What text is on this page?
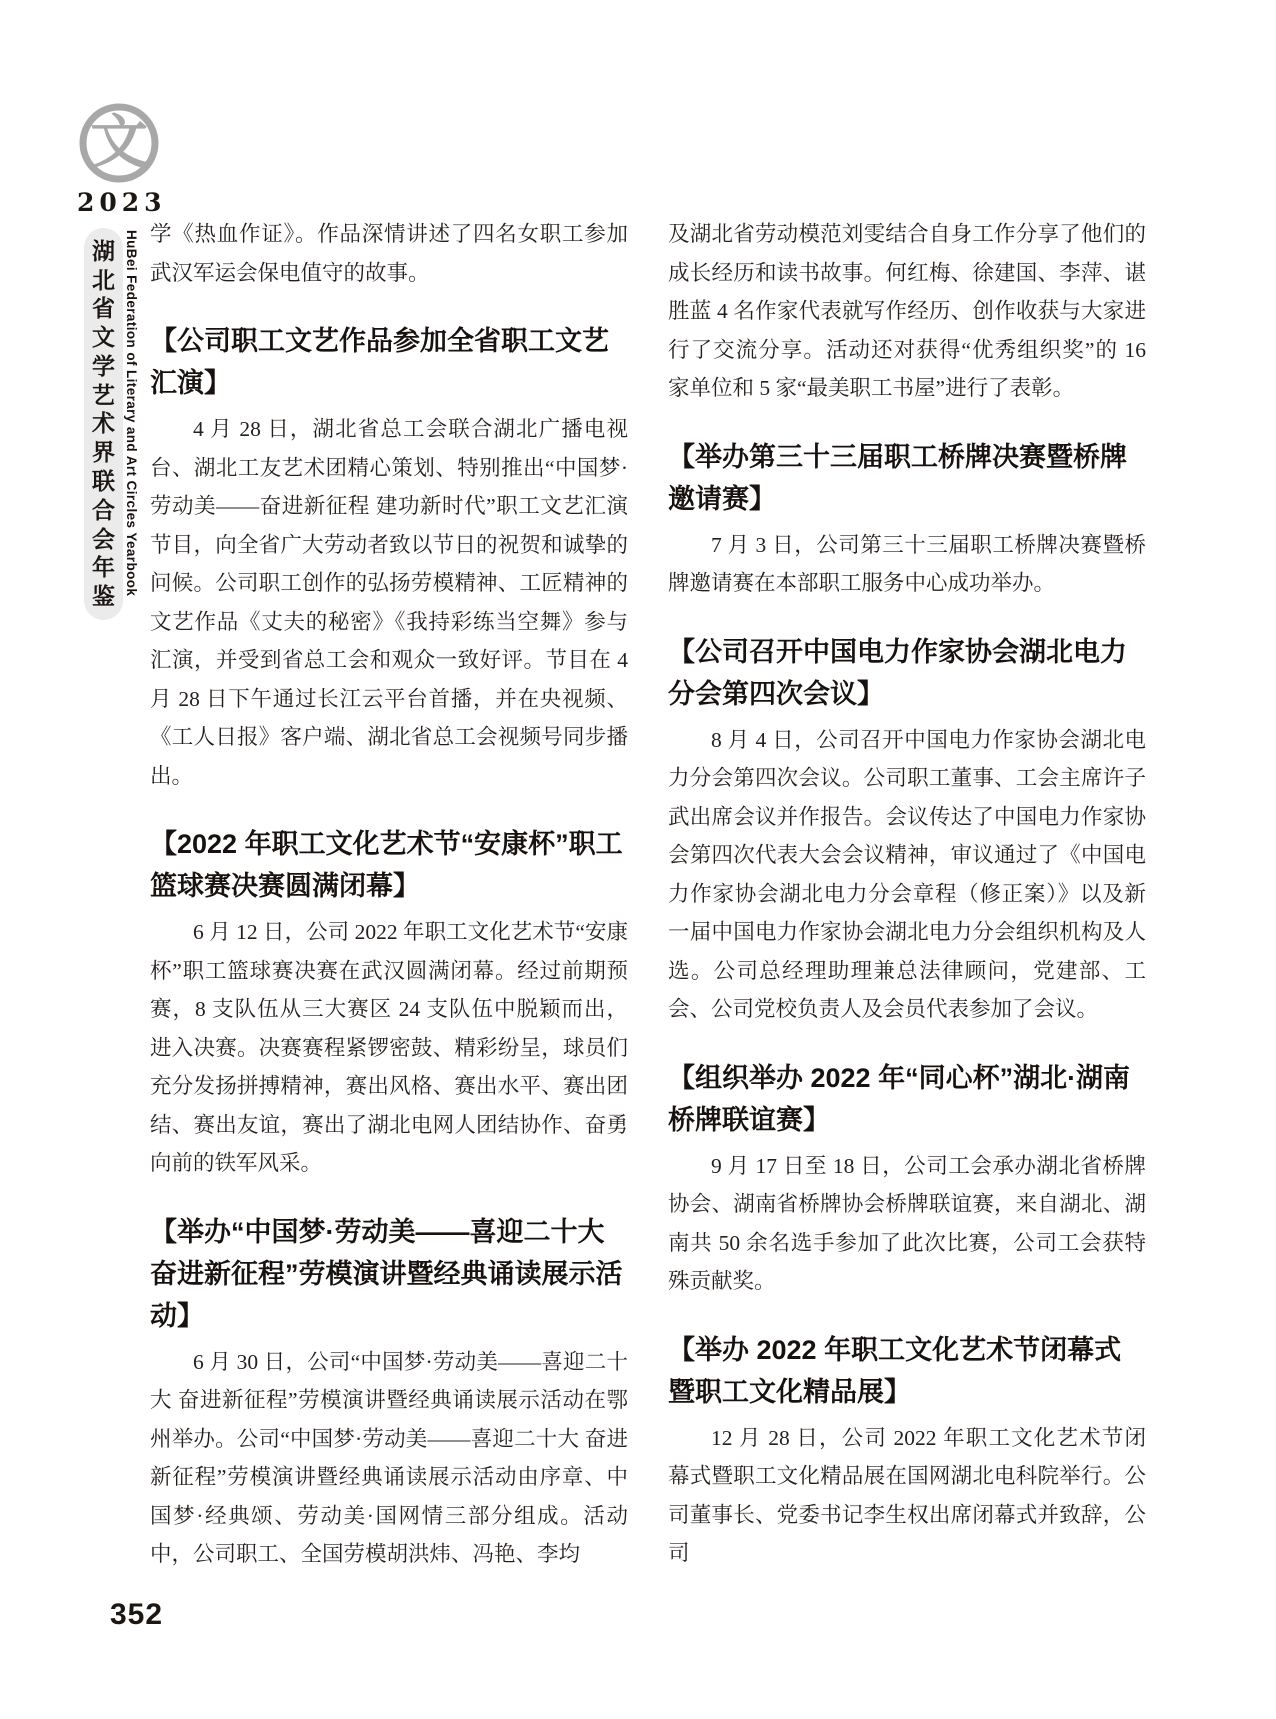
文
2023
湖
北
省
文
学
艺
术
界
联
合
会
年
鉴
HuBei Federation of Literary and Art Circles Yearbook 学《热血作证》。作品深情讲述了四名女职工参加武汉军运会保电值守的故事。

【公司职工文艺作品参加全省职工文艺汇演】

4 月 28 日，湖北省总工会联合湖北广播电视台、湖北工友艺术团精心策划、特别推出“中国梦·劳动美——奋进新征程 建功新时代”职工文艺汇演节目，向全省广大劳动者致以节日的祝贺和诚挚的问候。公司职工创作的弘扬劳模精神、工匠精神的文艺作品《丈夫的秘密》《我持彩练当空舞》参与汇演，并受到省总工会和观众一致好评。节目在 4 月 28 日下午通过长江云平台首播，并在央视频、《工人日报》客户端、湖北省总工会视频号同步播出。

【2022 年职工文化艺术节“安康杯”职工篮球赛决赛圆满闭幕】

6 月 12 日，公司 2022 年职工文化艺术节“安康杯”职工篮球赛决赛在武汉圆满闭幕。经过前期预赛，8 支队伍从三大赛区 24 支队伍中脱颖而出，进入决赛。决赛赛程紧锣密鼓、精彩纷呈，球员们充分发扬拼搏精神，赛出风格、赛出水平、赛出团结、赛出友谊，赛出了湖北电网人团结协作、奋勇向前的铁军风采。

【举办“中国梦·劳动美——喜迎二十大 奋进新征程”劳模演讲暨经典诵读展示活动】

6 月 30 日，公司“中国梦·劳动美——喜迎二十大 奋进新征程”劳模演讲暨经典诵读展示活动在鄂州举办。公司“中国梦·劳动美——喜迎二十大 奋进新征程”劳模演讲暨经典诵读展示活动由序章、中国梦·经典颂、劳动美·国网情三部分组成。活动中，公司职工、全国劳模胡洪炜、冯艳、李均

及湖北省劳动模范刘雯结合自身工作分享了他们的成长经历和读书故事。何红梅、徐建国、李萍、谌胜蓝 4 名作家代表就写作经历、创作收获与大家进行了交流分享。活动还对获得“优秀组织奖”的 16 家单位和 5 家“最美职工书屋”进行了表彰。

【举办第三十三届职工桥牌决赛暨桥牌邀请赛】

7 月 3 日，公司第三十三届职工桥牌决赛暨桥牌邀请赛在本部职工服务中心成功举办。

【公司召开中国电力作家协会湖北电力分会第四次会议】

8 月 4 日，公司召开中国电力作家协会湖北电力分会第四次会议。公司职工董事、工会主席许子武出席会议并作报告。会议传达了中国电力作家协会第四次代表大会会议精神，审议通过了《中国电力作家协会湖北电力分会章程（修正案）》以及新一届中国电力作家协会湖北电力分会组织机构及人选。公司总经理助理兼总法律顾问，党建部、工会、公司党校负责人及会员代表参加了会议。

【组织举办 2022 年“同心杯”湖北·湖南桥牌联谊赛】

9 月 17 日至 18 日，公司工会承办湖北省桥牌协会、湖南省桥牌协会桥牌联谊赛，来自湖北、湖南共 50 余名选手参加了此次比赛，公司工会获特殊贡献奖。

【举办 2022 年职工文化艺术节闭幕式暨职工文化精品展】

12 月 28 日，公司 2022 年职工文化艺术节闭幕式暨职工文化精品展在国网湖北电科院举行。公司董事长、党委书记李生权出席闭幕式并致辞，公司

352
